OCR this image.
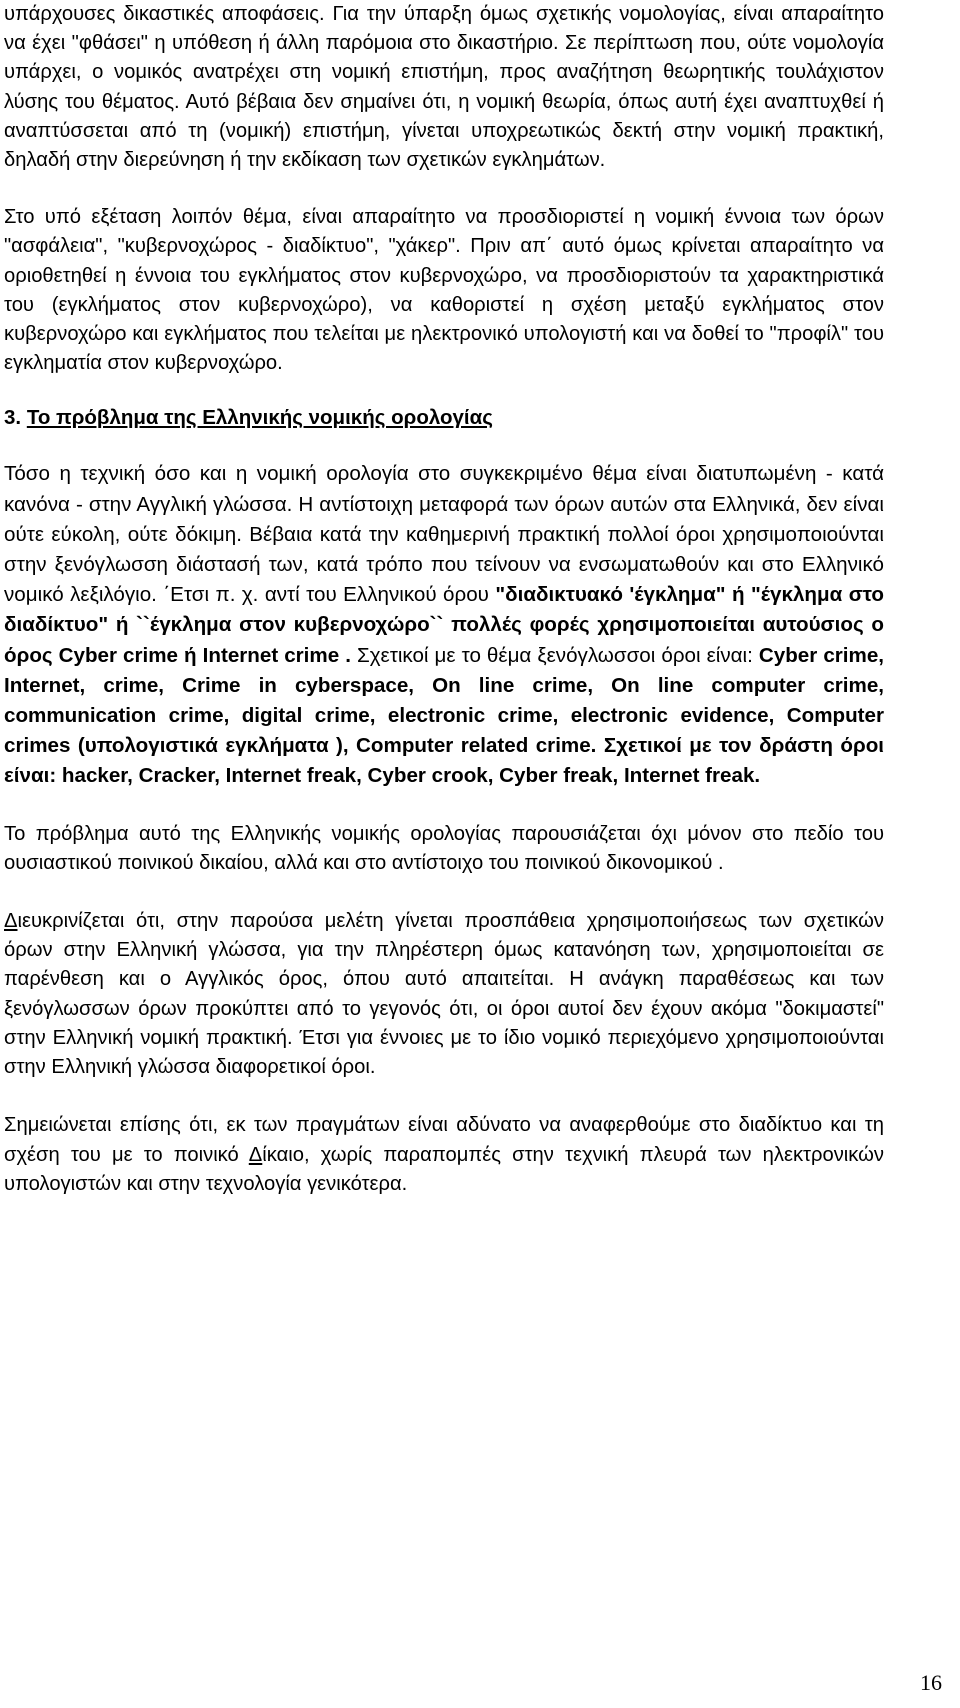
υπάρχουσες δικαστικές αποφάσεις. Για την ύπαρξη όμως σχετικής νομολογίας, είναι απαραίτητο να έχει "φθάσει" η υπόθεση ή άλλη παρόμοια στο δικαστήριο. Σε περίπτωση που, ούτε νομολογία υπάρχει, ο νομικός ανατρέχει στη νομική επιστήμη, προς αναζήτηση θεωρητικής τουλάχιστον λύσης του θέματος. Αυτό βέβαια δεν σημαίνει ότι, η νομική θεωρία, όπως αυτή έχει αναπτυχθεί ή αναπτύσσεται από τη (νομική) επιστήμη, γίνεται υποχρεωτικώς δεκτή στην νομική πρακτική, δηλαδή στην διερεύνηση ή την εκδίκαση των σχετικών εγκλημάτων.

Στο υπό εξέταση λοιπόν θέμα, είναι απαραίτητο να προσδιοριστεί η νομική έννοια των όρων "ασφάλεια", "κυβερνοχώρος - διαδίκτυο", "χάκερ". Πριν απ΄ αυτό όμως κρίνεται απαραίτητο να οριοθετηθεί η έννοια του εγκλήματος στον κυβερνοχώρο, να προσδιοριστούν τα χαρακτηριστικά του (εγκλήματος στον κυβερνοχώρο), να καθοριστεί η σχέση μεταξύ εγκλήματος στον κυβερνοχώρο και εγκλήματος που τελείται με ηλεκτρονικό υπολογιστή και να δοθεί το "προφίλ" του εγκληματία στον κυβερνοχώρο.

3. Το πρόβλημα της Ελληνικής νομικής ορολογίας

Τόσο η τεχνική όσο και η νομική ορολογία στο συγκεκριμένο θέμα είναι διατυπωμένη - κατά κανόνα - στην Αγγλική γλώσσα. Η αντίστοιχη μεταφορά των όρων αυτών στα Ελληνικά, δεν είναι ούτε εύκολη, ούτε δόκιμη. Βέβαια κατά την καθημερινή πρακτική πολλοί όροι χρησιμοποιούνται στην ξενόγλωσση διάστασή των, κατά τρόπο που τείνουν να ενσωματωθούν και στο Ελληνικό νομικό λεξιλόγιο. ΄Ετσι π. χ. αντί του Ελληνικού όρου "διαδικτυακό 'έγκλημα" ή "έγκλημα στο διαδίκτυο" ή ``έγκλημα στον κυβερνοχώρο`` πολλές φορές χρησιμοποιείται αυτούσιος ο όρος Cyber crime ή Internet crime . Σχετικοί με το θέμα ξενόγλωσσοι όροι είναι: Cyber crime, Internet, crime, Crime in cyberspace, On line crime, On line computer crime, communication crime, digital crime, electronic crime, electronic evidence, Computer crimes (υπολογιστικά εγκλήματα ), Computer related crime. Σχετικοί με τον δράστη όροι είναι: hacker, Cracker, Internet freak, Cyber crook, Cyber freak, Internet freak.

Το πρόβλημα αυτό της Ελληνικής νομικής ορολογίας παρουσιάζεται όχι μόνον στο πεδίο του ουσιαστικού ποινικού δικαίου, αλλά και στο αντίστοιχο του ποινικού δικονομικού .

Διευκρινίζεται ότι, στην παρούσα μελέτη γίνεται προσπάθεια χρησιμοποιήσεως των σχετικών όρων στην Ελληνική γλώσσα, για την πληρέστερη όμως κατανόηση των, χρησιμοποιείται σε παρένθεση και ο Αγγλικός όρος, όπου αυτό απαιτείται. Η ανάγκη παραθέσεως και των ξενόγλωσσων όρων προκύπτει από το γεγονός ότι, οι όροι αυτοί δεν έχουν ακόμα "δοκιμαστεί" στην Ελληνική νομική πρακτική. Έτσι για έννοιες με το ίδιο νομικό περιεχόμενο χρησιμοποιούνται στην Ελληνική γλώσσα διαφορετικοί όροι.

Σημειώνεται επίσης ότι, εκ των πραγμάτων είναι αδύνατο να αναφερθούμε στο διαδίκτυο και τη σχέση του με το ποινικό Δίκαιο, χωρίς παραπομπές στην τεχνική πλευρά των ηλεκτρονικών υπολογιστών και στην τεχνολογία γενικότερα.

16
